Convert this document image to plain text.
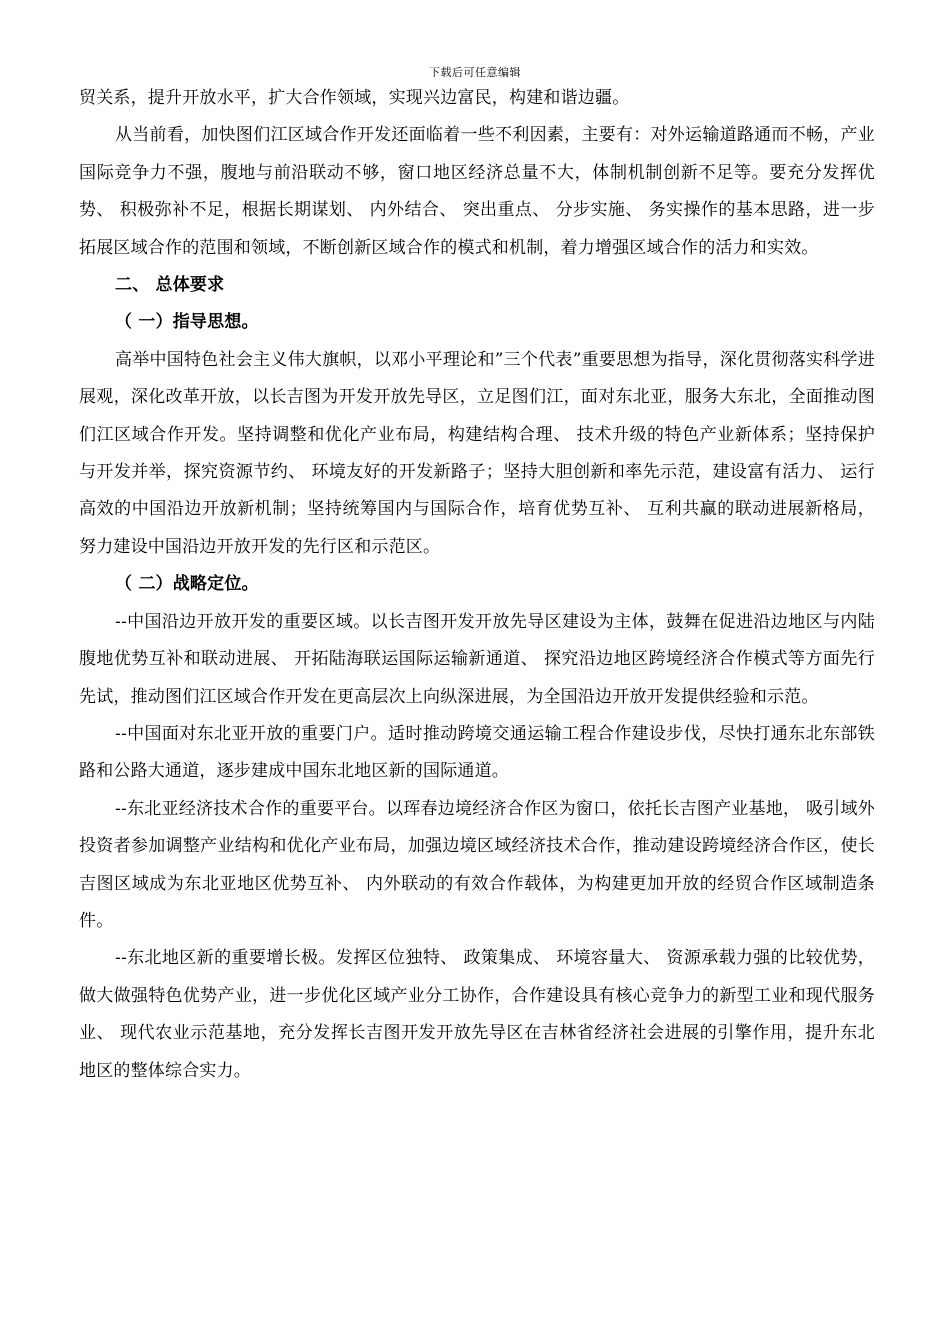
下载后可任意编辑

贸关系，提升开放水平，扩大合作领域，实现兴边富民，构建和谐边疆。

从当前看，加快图们江区域合作开发还面临着一些不利因素，主要有：对外运输道路通而不畅，产业国际竞争力不强，腹地与前沿联动不够，窗口地区经济总量不大，体制机制创新不足等。要充分发挥优势、 积极弥补不足，根据长期谋划、 内外结合、 突出重点、 分步实施、 务实操作的基本思路，进一步拓展区域合作的范围和领域，不断创新区域合作的模式和机制，着力增强区域合作的活力和实效。

二、 总体要求

（ 一）指导思想。

高举中国特色社会主义伟大旗帜，以邓小平理论和”三个代表”重要思想为指导，深化贯彻落实科学进展观，深化改革开放，以长吉图为开发开放先导区，立足图们江，面对东北亚，服务大东北，全面推动图们江区域合作开发。坚持调整和优化产业布局，构建结构合理、 技术升级的特色产业新体系；坚持保护与开发并举，探究资源节约、 环境友好的开发新路子；坚持大胆创新和率先示范，建设富有活力、 运行高效的中国沿边开放新机制；坚持统筹国内与国际合作，培育优势互补、 互利共赢的联动进展新格局，努力建设中国沿边开放开发的先行区和示范区。

（ 二）战略定位。

--中国沿边开放开发的重要区域。以长吉图开发开放先导区建设为主体，鼓舞在促进沿边地区与内陆腹地优势互补和联动进展、 开拓陆海联运国际运输新通道、 探究沿边地区跨境经济合作模式等方面先行先试，推动图们江区域合作开发在更高层次上向纵深进展，为全国沿边开放开发提供经验和示范。

--中国面对东北亚开放的重要门户。适时推动跨境交通运输工程合作建设步伐，尽快打通东北东部铁路和公路大通道，逐步建成中国东北地区新的国际通道。

--东北亚经济技术合作的重要平台。以珲春边境经济合作区为窗口，依托长吉图产业基地， 吸引域外投资者参加调整产业结构和优化产业布局，加强边境区域经济技术合作，推动建设跨境经济合作区，使长吉图区域成为东北亚地区优势互补、 内外联动的有效合作载体，为构建更加开放的经贸合作区域制造条件。

--东北地区新的重要增长极。发挥区位独特、 政策集成、 环境容量大、 资源承载力强的比较优势，做大做强特色优势产业，进一步优化区域产业分工协作，合作建设具有核心竞争力的新型工业和现代服务业、 现代农业示范基地，充分发挥长吉图开发开放先导区在吉林省经济社会进展的引擎作用，提升东北地区的整体综合实力。
